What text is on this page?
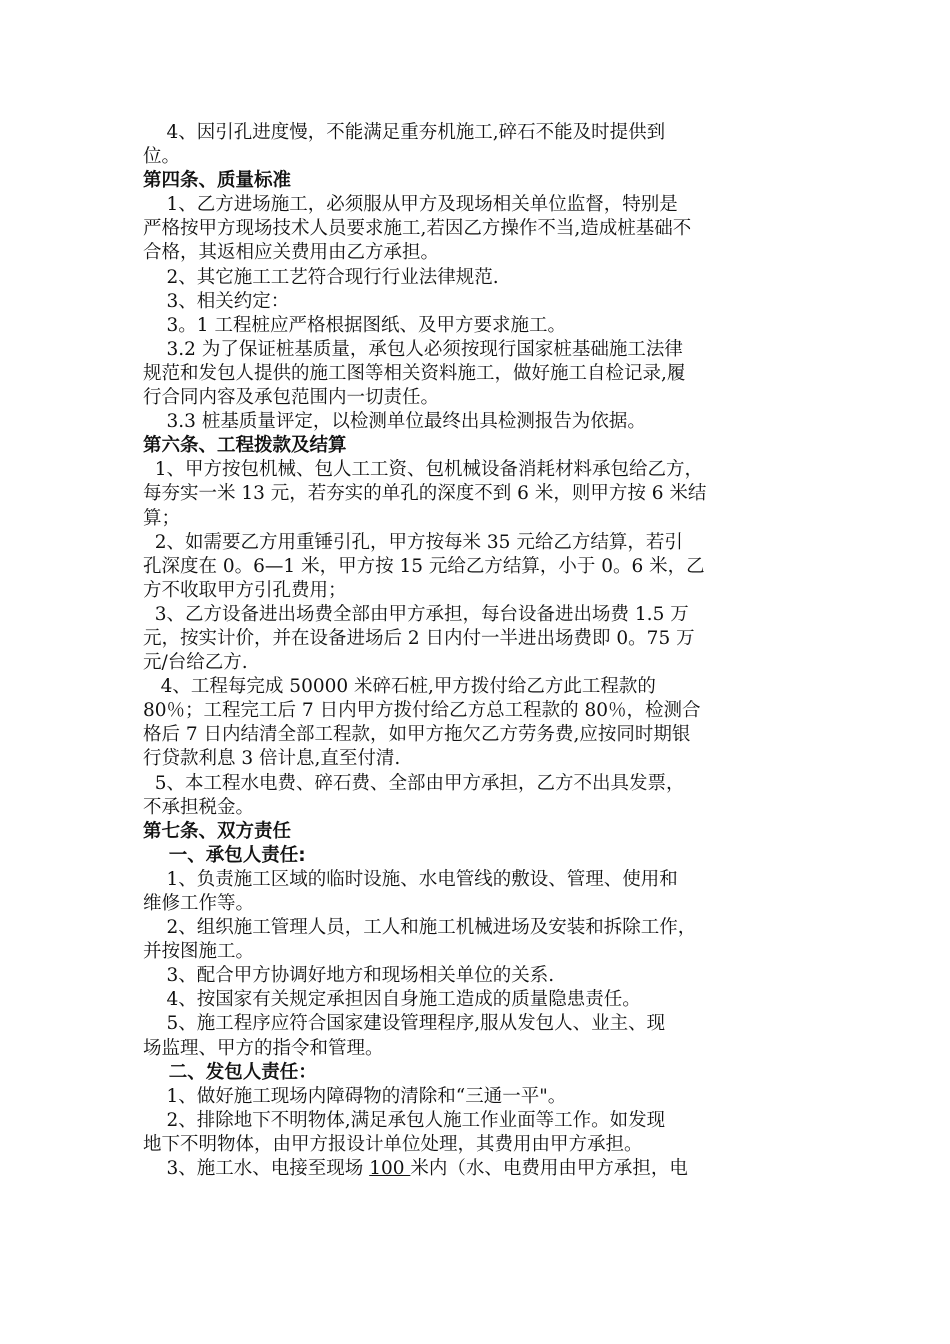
4、因引孔进度慢，不能满足重夯机施工,碎石不能及时提供到
位。
第四条、质量标准
1、乙方进场施工，必须服从甲方及现场相关单位监督，特别是
严格按甲方现场技术人员要求施工,若因乙方操作不当,造成桩基础不
合格，其返相应关费用由乙方承担。
2、其它施工工艺符合现行行业法律规范.
3、相关约定：
3。1 工程桩应严格根据图纸、及甲方要求施工。
3.2 为了保证桩基质量，承包人必须按现行国家桩基础施工法律
规范和发包人提供的施工图等相关资料施工，做好施工自检记录,履
行合同内容及承包范围内一切责任。
3.3 桩基质量评定，以检测单位最终出具检测报告为依据。
第六条、工程拨款及结算
1、甲方按包机械、包人工工资、包机械设备消耗材料承包给乙方，
每夯实一米 13 元，若夯实的单孔的深度不到 6 米，则甲方按 6 米结
算；
2、如需要乙方用重锤引孔，甲方按每米 35 元给乙方结算，若引
孔深度在 0。6—1 米，甲方按 15 元给乙方结算，小于 0。6 米，乙
方不收取甲方引孔费用；
3、乙方设备进出场费全部由甲方承担，每台设备进出场费 1.5 万
元，按实计价，并在设备进场后 2 日内付一半进出场费即 0。75 万
元/台给乙方.
4、工程每完成 50000 米碎石桩,甲方拨付给乙方此工程款的
80％；工程完工后 7 日内甲方拨付给乙方总工程款的 80％，检测合
格后 7 日内结清全部工程款，如甲方拖欠乙方劳务费,应按同时期银
行贷款利息 3 倍计息,直至付清.
5、本工程水电费、碎石费、全部由甲方承担，乙方不出具发票，
不承担税金。
第七条、双方责任
一、承包人责任:
1、负责施工区域的临时设施、水电管线的敷设、管理、使用和
维修工作等。
2、组织施工管理人员，工人和施工机械进场及安装和拆除工作，
并按图施工。
3、配合甲方协调好地方和现场相关单位的关系.
4、按国家有关规定承担因自身施工造成的质量隐患责任。
5、施工程序应符合国家建设管理程序,服从发包人、业主、现
场监理、甲方的指令和管理。
二、发包人责任：
1、做好施工现场内障碍物的清除和“三通一平"。
2、排除地下不明物体,满足承包人施工作业面等工作。如发现
地下不明物体，由甲方报设计单位处理，其费用由甲方承担。
3、施工水、电接至现场 100 米内（水、电费用由甲方承担，电
